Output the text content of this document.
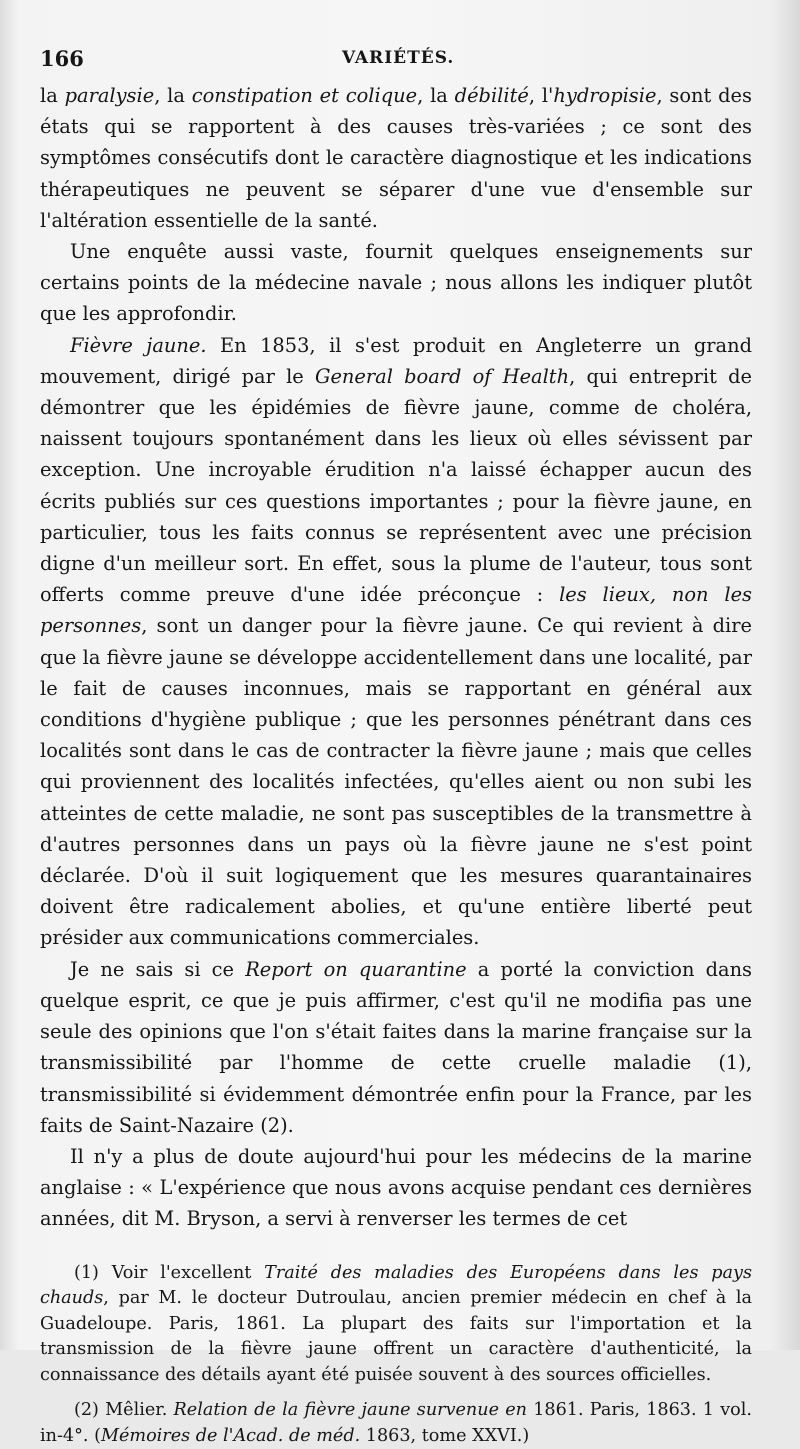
166	VARIÉTÉS.

la paralysie, la constipation et colique, la débilité, l'hydropisie, sont des états qui se rapportent à des causes très-variées ; ce sont des symptômes consécutifs dont le caractère diagnostique et les indications thérapeutiques ne peuvent se séparer d'une vue d'ensemble sur l'altération essentielle de la santé.

Une enquête aussi vaste, fournit quelques enseignements sur certains points de la médecine navale ; nous allons les indiquer plutôt que les approfondir.

Fièvre jaune. En 1853, il s'est produit en Angleterre un grand mouvement, dirigé par le General board of Health, qui entreprit de démontrer que les épidémies de fièvre jaune, comme de choléra, naissent toujours spontanément dans les lieux où elles sévissent par exception. Une incroyable érudition n'a laissé échapper aucun des écrits publiés sur ces questions importantes ; pour la fièvre jaune, en particulier, tous les faits connus se représentent avec une précision digne d'un meilleur sort. En effet, sous la plume de l'auteur, tous sont offerts comme preuve d'une idée préconçue : les lieux, non les personnes, sont un danger pour la fièvre jaune. Ce qui revient à dire que la fièvre jaune se développe accidentellement dans une localité, par le fait de causes inconnues, mais se rapportant en général aux conditions d'hygiène publique ; que les personnes pénétrant dans ces localités sont dans le cas de contracter la fièvre jaune ; mais que celles qui proviennent des localités infectées, qu'elles aient ou non subi les atteintes de cette maladie, ne sont pas susceptibles de la transmettre à d'autres personnes dans un pays où la fièvre jaune ne s'est point déclarée. D'où il suit logiquement que les mesures quarantainaires doivent être radicalement abolies, et qu'une entière liberté peut présider aux communications commerciales.

Je ne sais si ce Report on quarantine a porté la conviction dans quelque esprit, ce que je puis affirmer, c'est qu'il ne modifia pas une seule des opinions que l'on s'était faites dans la marine française sur la transmissibilité par l'homme de cette cruelle maladie (1), transmissibilité si évidemment démontrée enfin pour la France, par les faits de Saint-Nazaire (2).

Il n'y a plus de doute aujourd'hui pour les médecins de la marine anglaise : « L'expérience que nous avons acquise pendant ces dernières années, dit M. Bryson, a servi à renverser les termes de cet

(1) Voir l'excellent Traité des maladies des Européens dans les pays chauds, par M. le docteur Dutroulau, ancien premier médecin en chef à la Guadeloupe. Paris, 1861. La plupart des faits sur l'importation et la transmission de la fièvre jaune offrent un caractère d'authenticité, la connaissance des détails ayant été puisée souvent à des sources officielles.

(2) Mêlier. Relation de la fièvre jaune survenue en 1861. Paris, 1863. 1 vol. in-4°. (Mémoires de l'Acad. de méd. 1863, tome XXVI.)
